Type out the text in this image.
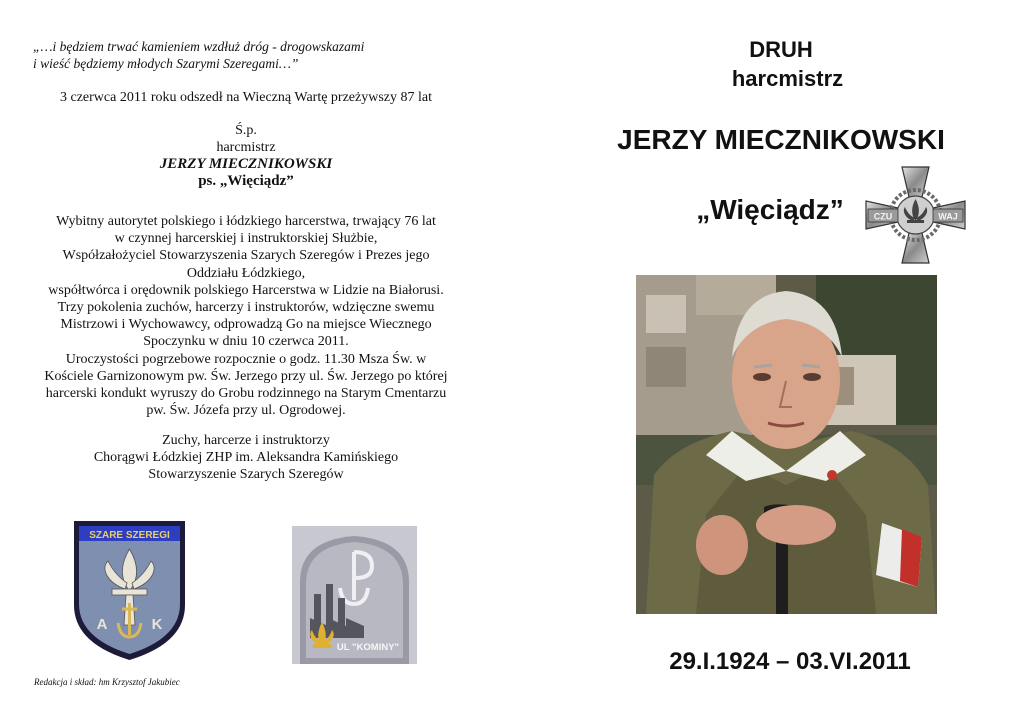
„…i będziem trwać kamieniem wzdłuż dróg - drogowskazami
i wieść będziemy młodych Szarymi Szeregami…”
3 czerwca 2011 roku odszedł na Wieczną Wartę przeżywszy 87 lat
Ś.p.
harcmistrz
JERZY MIECZNIKOWSKI
ps. „Więciądz”
Wybitny autorytet polskiego i łódzkiego harcerstwa, trwający 76 lat
w czynnej harcerskiej i instruktorskiej Służbie,
Współzałożyciel Stowarzyszenia Szarych Szeregów i Prezes jego
Oddziału Łódzkiego,
współtwórca i orędownik polskiego Harcerstwa w Lidzie na Białorusi.
Trzy pokolenia zuchów, harcerzy i instruktorów, wdzięczne swemu
Mistrzowi i Wychowawcy, odprowadzą Go na miejsce Wiecznego
Spoczynku w dniu 10 czerwca 2011.
Uroczystości pogrzebowe rozpocznie o godz. 11.30 Msza Św. w
Kościele Garnizonowym pw. Św. Jerzego przy ul. Św. Jerzego po której
harcerski kondukt wyruszy do Grobu rodzinnego na Starym Cmentarzu
pw. Św. Józefa przy ul. Ogrodowej.
Zuchy, harcerze i instruktorzy
Chorągwi Łódzkiej ZHP im. Aleksandra Kamińskiego
Stowarzyszenie Szarych Szeregów
SZARE SZEREGI
A	K
UL "KOMINY"
Redakcja i skład: hm Krzysztof Jakubiec
DRUH
harcmistrz
JERZY MIECZNIKOWSKI
„Więciądz”	CZU	WAJ
29.I.1924 – 03.VI.2011
